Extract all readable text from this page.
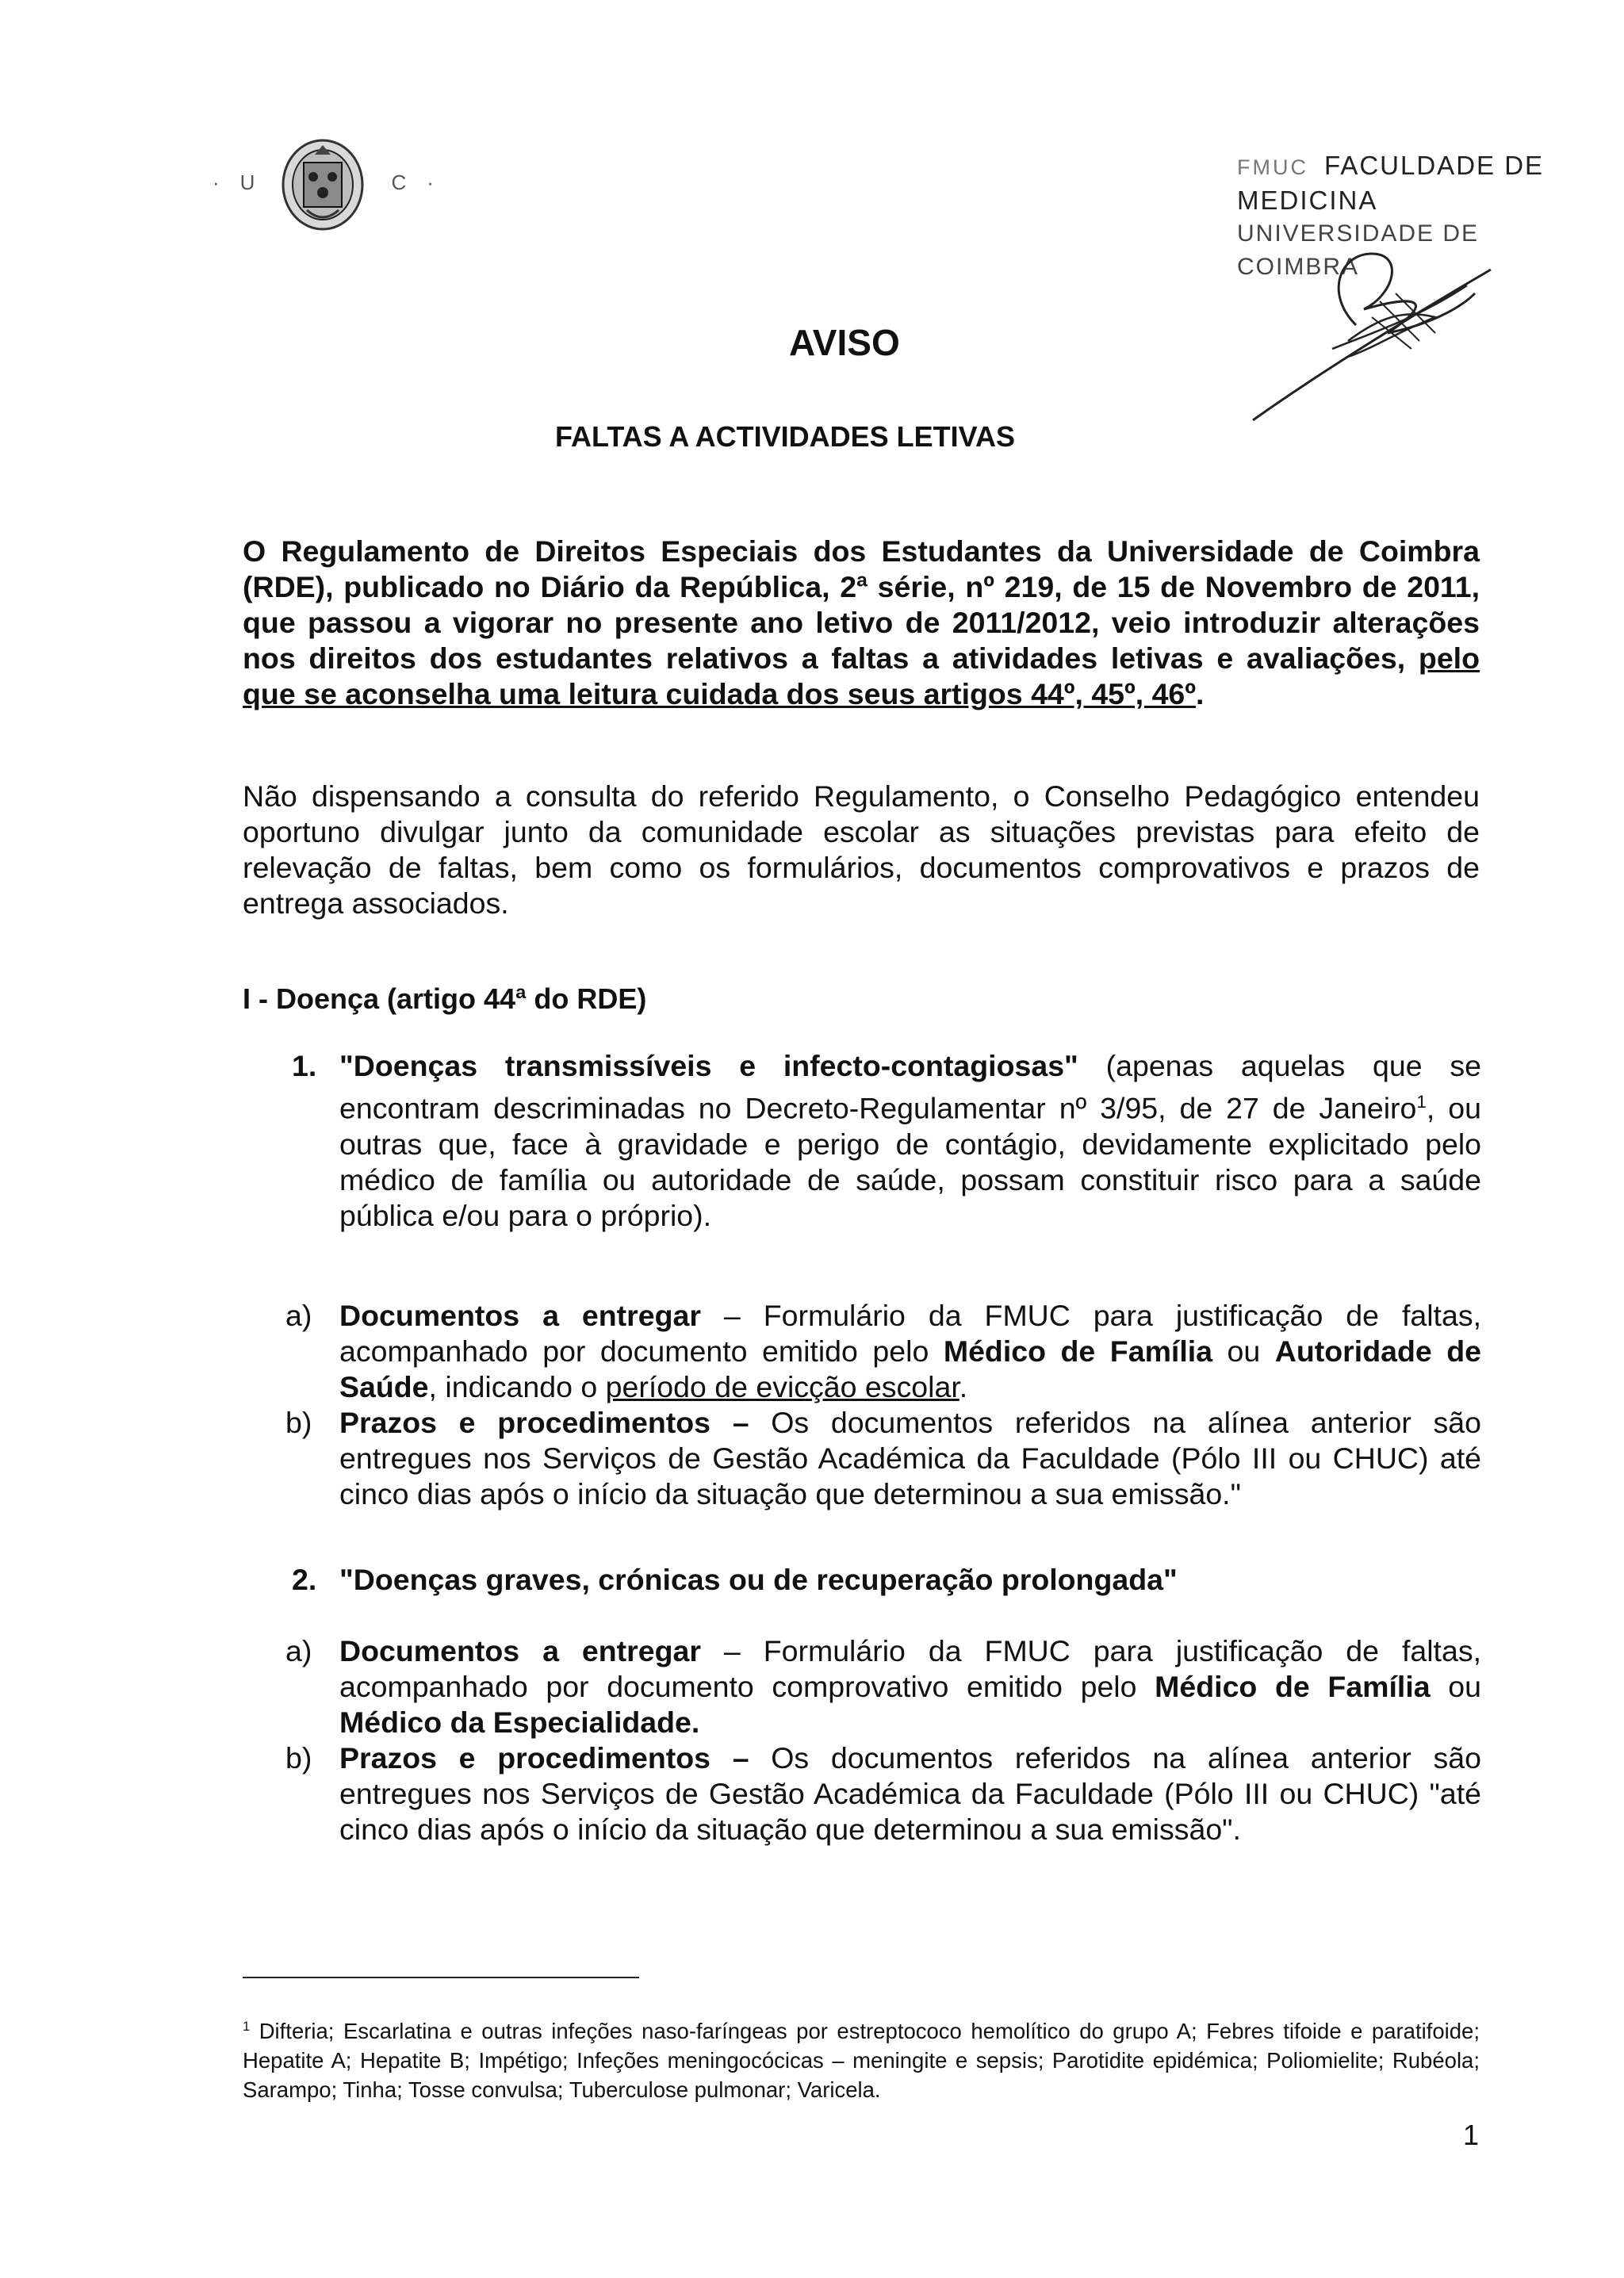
· U	C ·
FMUC FACULDADE DE MEDICINA
UNIVERSIDADE DE COIMBRA
AVISO
FALTAS A ACTIVIDADES LETIVAS
O Regulamento de Direitos Especiais dos Estudantes da Universidade de Coimbra (RDE), publicado no Diário da República, 2ª série, nº 219, de 15 de Novembro de 2011, que passou a vigorar no presente ano letivo de 2011/2012, veio introduzir alterações nos direitos dos estudantes relativos a faltas a atividades letivas e avaliações, pelo que se aconselha uma leitura cuidada dos seus artigos 44º, 45º, 46º.
Não dispensando a consulta do referido Regulamento, o Conselho Pedagógico entendeu oportuno divulgar junto da comunidade escolar as situações previstas para efeito de relevação de faltas, bem como os formulários, documentos comprovativos e prazos de entrega associados.
I - Doença (artigo 44ª do RDE)
1. "Doenças transmissíveis e infecto-contagiosas" (apenas aquelas que se encontram descriminadas no Decreto-Regulamentar nº 3/95, de 27 de Janeiro$^1$, ou outras que, face à gravidade e perigo de contágio, devidamente explicitado pelo médico de família ou autoridade de saúde, possam constituir risco para a saúde pública e/ou para o próprio).
a) Documentos a entregar – Formulário da FMUC para justificação de faltas, acompanhado por documento emitido pelo Médico de Família ou Autoridade de Saúde, indicando o período de evicção escolar.
b) Prazos e procedimentos – Os documentos referidos na alínea anterior são entregues nos Serviços de Gestão Académica da Faculdade (Pólo III ou CHUC) até cinco dias após o início da situação que determinou a sua emissão."
2. "Doenças graves, crónicas ou de recuperação prolongada"
a) Documentos a entregar – Formulário da FMUC para justificação de faltas, acompanhado por documento comprovativo emitido pelo Médico de Família ou Médico da Especialidade.
b) Prazos e procedimentos – Os documentos referidos na alínea anterior são entregues nos Serviços de Gestão Académica da Faculdade (Pólo III ou CHUC) "até cinco dias após o início da situação que determinou a sua emissão".
$^1$ Difteria; Escarlatina e outras infeções naso-faríngeas por estreptococo hemolítico do grupo A; Febres tifoide e paratifoide; Hepatite A; Hepatite B; Impétigo; Infeções meningocócicas – meningite e sepsis; Parotidite epidémica; Poliomielite; Rubéola; Sarampo; Tinha; Tosse convulsa; Tuberculose pulmonar; Varicela.
1
